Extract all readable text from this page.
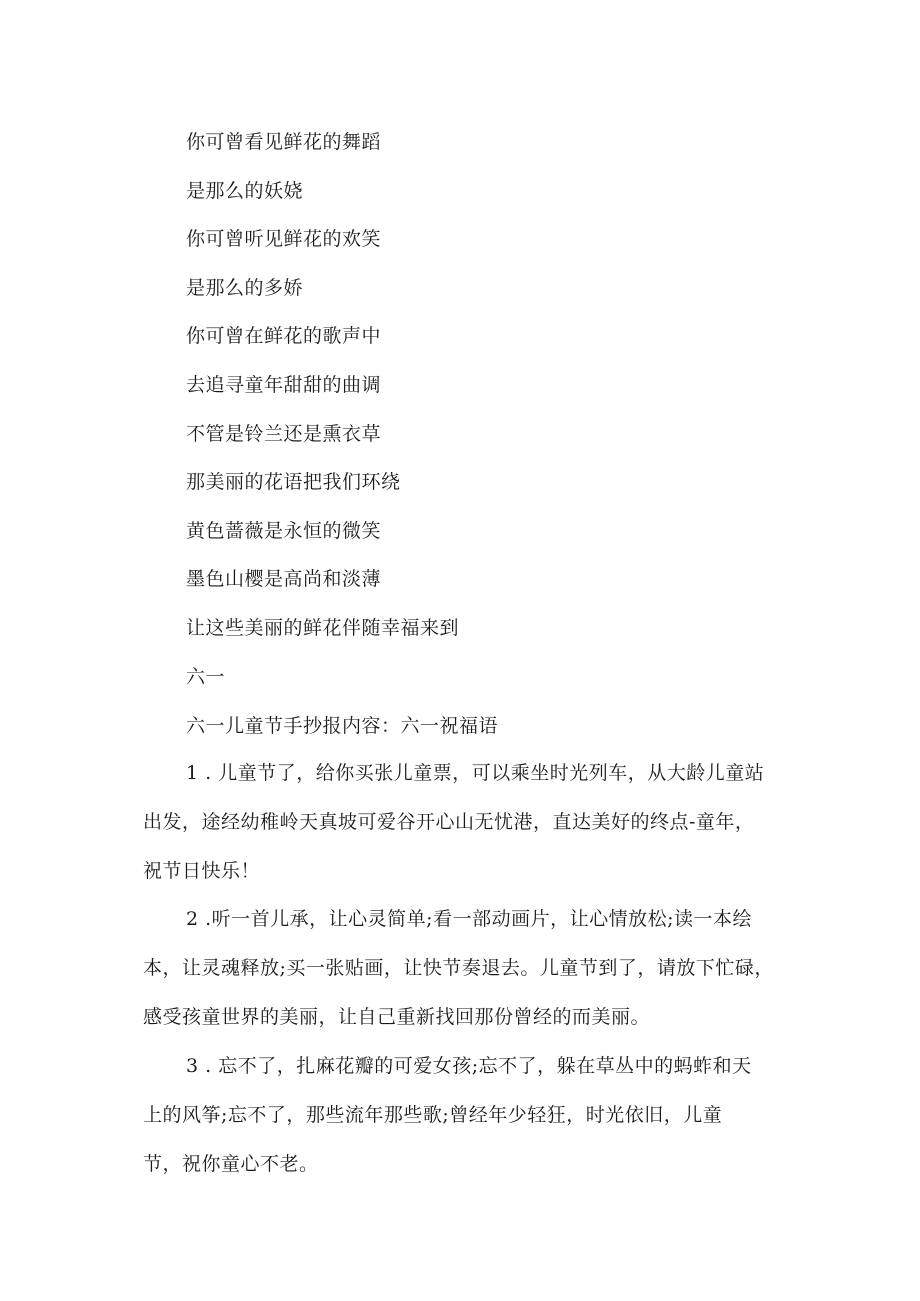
你可曾看见鲜花的舞蹈
是那么的妖娆
你可曾听见鲜花的欢笑
是那么的多娇
你可曾在鲜花的歌声中
去追寻童年甜甜的曲调
不管是铃兰还是熏衣草
那美丽的花语把我们环绕
黄色蔷薇是永恒的微笑
墨色山樱是高尚和淡薄
让这些美丽的鲜花伴随幸福来到
六一
六一儿童节手抄报内容：六一祝福语
1 . 儿童节了，给你买张儿童票，可以乘坐时光列车，从大龄儿童站
出发，途经幼稚岭天真坡可爱谷开心山无忧港，直达美好的终点-童年，
祝节日快乐！
2 .听一首儿承，让心灵简单;看一部动画片，让心情放松;读一本绘
本，让灵魂释放;买一张贴画，让快节奏退去。儿童节到了，请放下忙碌，
感受孩童世界的美丽，让自己重新找回那份曾经的而美丽。
3 . 忘不了，扎麻花瓣的可爱女孩;忘不了，躲在草丛中的蚂蚱和天
上的风筝;忘不了，那些流年那些歌;曾经年少轻狂，时光依旧，儿童
节，祝你童心不老。
